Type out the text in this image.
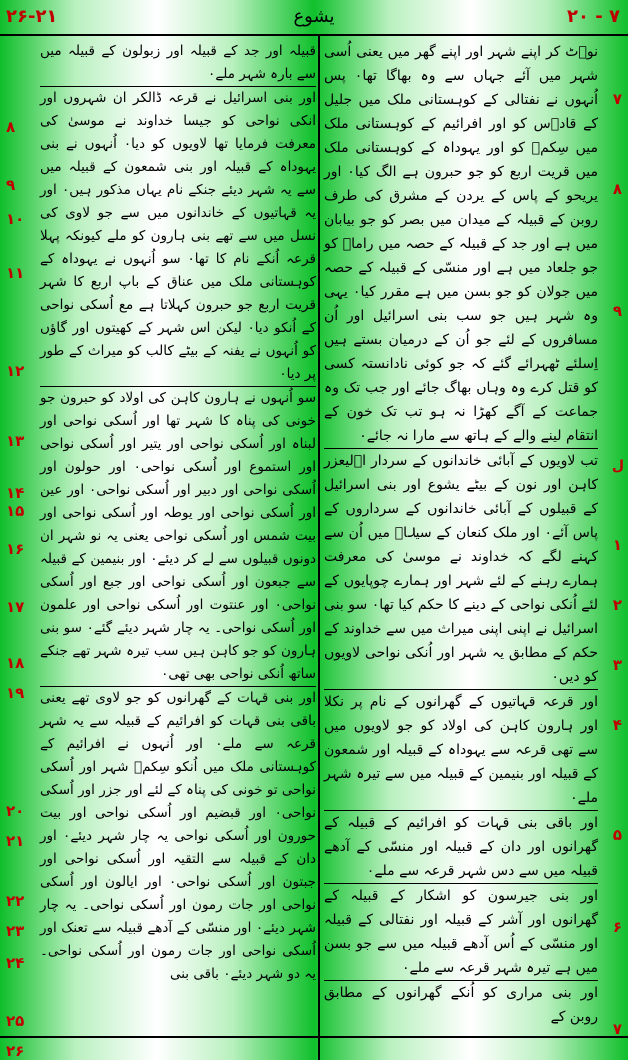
۲۶-۲۱	یشوع	۲۰ - ۷
۷
۸
۹
ل
۱
۲
۳
۴
۵
۶
۷
۸
۹
۱۰
۱۱
۱۲
۱۳
۱۴
۱۵
۱۶
۱۷
۱۸
۱۹
۲۰
۲۱
۲۲
۲۳
۲۴
۲۵
۲۶

نوؔٹ کر اپنے شہر اور اپنے گھر میں یعنی اُسی شہر میں آئے جہاں سے وہ بھاگا تھا۰ پس اُنہوں نے نفتالی کے کوہستانی ملک میں جلیل کے قادؔس کو اور افرائیم کے کوہستانی ملک میں سِکمؔ کو اور یہوداہ کے کوہستانی ملک میں قریت اربع کو جو حبرون ہے الگ کیا۰ اور یریحو کے پاس کے یردن کے مشرق کی طرف روبن کے قبیلہ کے میدان میں بصر کو جو بیابان میں ہے اور جد کے قبیلہ کے حصہ میں راماؔ کو جو جلعاد میں ہے اور منسّی کے قبیلہ کے حصہ میں جولان کو جو بسن میں ہے مقرر کیا۰ یہی وہ شہر ہیں جو سب بنی اسرائیل اور اُن مسافروں کے لئے جو اُن کے درمیان بستے ہیں اِسلئے ٹھہرائے گئے کہ جو کوئی نادانستہ کسی کو قتل کرے وہ وہاں بھاگ جائے اور جب تک وہ جماعت کے آگے کھڑا نہ ہو تب تک خون کے انتقام لینے والے کے ہاتھ سے مارا نہ جائے۰

تب لاویوں کے آبائی خاندانوں کے سردار اؔلیعزر کاہن اور نون کے بیٹے یشوع اور بنی اسرائیل کے قبیلوں کے آبائی خاندانوں کے سرداروں کے پاس آئے۰ اور ملک کنعان کے سیلاؔ میں اُن سے کہنے لگے کہ خداوند نے موسیٰ کی معرفت ہمارے رہنے کے لئے شہر اور ہمارے چوپایوں کے لئے اُنکی نواحی کے دینے کا حکم کیا تھا۰ سو بنی اسرائیل نے اپنی اپنی میراث میں سے خداوند کے حکم کے مطابق یہ شہر اور اُنکی نواحی لاویوں کو دیں۰

اور قرعہ قہاتیوں کے گھرانوں کے نام پر نکلا اور ہارون کاہن کی اولاد کو جو لاویوں میں سے تھی قرعہ سے یہوداہ کے قبیلہ اور شمعون کے قبیلہ اور بنیمین کے قبیلہ میں سے تیرہ شہر ملے۰

اور باقی بنی قہات کو افرائیم کے قبیلہ کے گھرانوں اور دان کے قبیلہ اور منسّی کے آدھے قبیلہ میں سے دس شہر قرعہ سے ملے۰

اور بنی جیرسون کو اشکار کے قبیلہ کے گھرانوں اور آشر کے قبیلہ اور نفتالی کے قبیلہ اور منسّی کے اُس آدھے قبیلہ میں سے جو بسن میں ہے تیرہ شہر قرعہ سے ملے۰

اور بنی مراری کو اُنکے گھرانوں کے مطابق روبن کے

قبیلہ اور جد کے قبیلہ اور زبولون کے قبیلہ میں سے بارہ شہر ملے۰

اور بنی اسرائیل نے قرعہ ڈالکر ان شہروں اور انکی نواحی کو جیسا خداوند نے موسیٰ کی معرفت فرمایا تھا لاویوں کو دیا۰ اُنہوں نے بنی یہوداہ کے قبیلہ اور بنی شمعون کے قبیلہ میں سے یہ شہر دیئے جنکے نام یہاں مذکور ہیں۰ اور یہ قہاتیوں کے خاندانوں میں سے جو لاوی کی نسل میں سے تھے بنی ہارون کو ملے کیونکہ پہلا قرعہ اُنکے نام کا تھا۰ سو اُنہوں نے یہوداہ کے کوہستانی ملک میں عناق کے باپ اربع کا شہر قریت اربع جو حبرون کہلاتا ہے مع اُسکی نواحی کے اُنکو دیا۰ لیکن اس شہر کے کھیتوں اور گاؤں کو اُنہوں نے یفنہ کے بیٹے کالب کو میراث کے طور پر دیا۰

سو اُنہوں نے ہارون کاہن کی اولاد کو حبرون جو خونی کی پناہ کا شہر تھا اور اُسکی نواحی اور لبناہ اور اُسکی نواحی اور یتیر اور اُسکی نواحی اور استموع اور اُسکی نواحی۰ اور حولون اور اُسکی نواحی اور دبیر اور اُسکی نواحی۰ اور عین اور اُسکی نواحی اور یوطہ اور اُسکی نواحی اور بیت شمس اور اُسکی نواحی یعنی یہ نو شہر ان دونوں قبیلوں سے لے کر دیئے۰ اور بنیمین کے قبیلہ سے جبعون اور اُسکی نواحی اور جبع اور اُسکی نواحی۰ اور عنتوت اور اُسکی نواحی اور علمون اور اُسکی نواحی۔ یہ چار شہر دیئے گئے۰ سو بنی ہارون کو جو کاہن ہیں سب تیرہ شہر تھے جنکے ساتھ اُنکی نواحی بھی تھی۰

اور بنی قہات کے گھرانوں کو جو لاوی تھے یعنی باقی بنی قہات کو افرائیم کے قبیلہ سے یہ شہر قرعہ سے ملے۰ اور اُنہوں نے افرائیم کے کوہستانی ملک میں اُنکو سِکمؔ شہر اور اُسکی نواحی تو خونی کی پناہ کے لئے اور جزر اور اُسکی نواحی۰ اور قبضیم اور اُسکی نواحی اور بیت حورون اور اُسکی نواحی یہ چار شہر دیئے۰ اور دان کے قبیلہ سے التقیہ اور اُسکی نواحی اور جبتون اور اُسکی نواحی۰ اور ایالون اور اُسکی نواحی اور جات رمون اور اُسکی نواحی۔ یہ چار شہر دیئے۰ اور منسّی کے آدھے قبیلہ سے تعنک اور اُسکی نواحی اور جات رمون اور اُسکی نواحی۔ یہ دو شہر دیئے۰ باقی بنی
